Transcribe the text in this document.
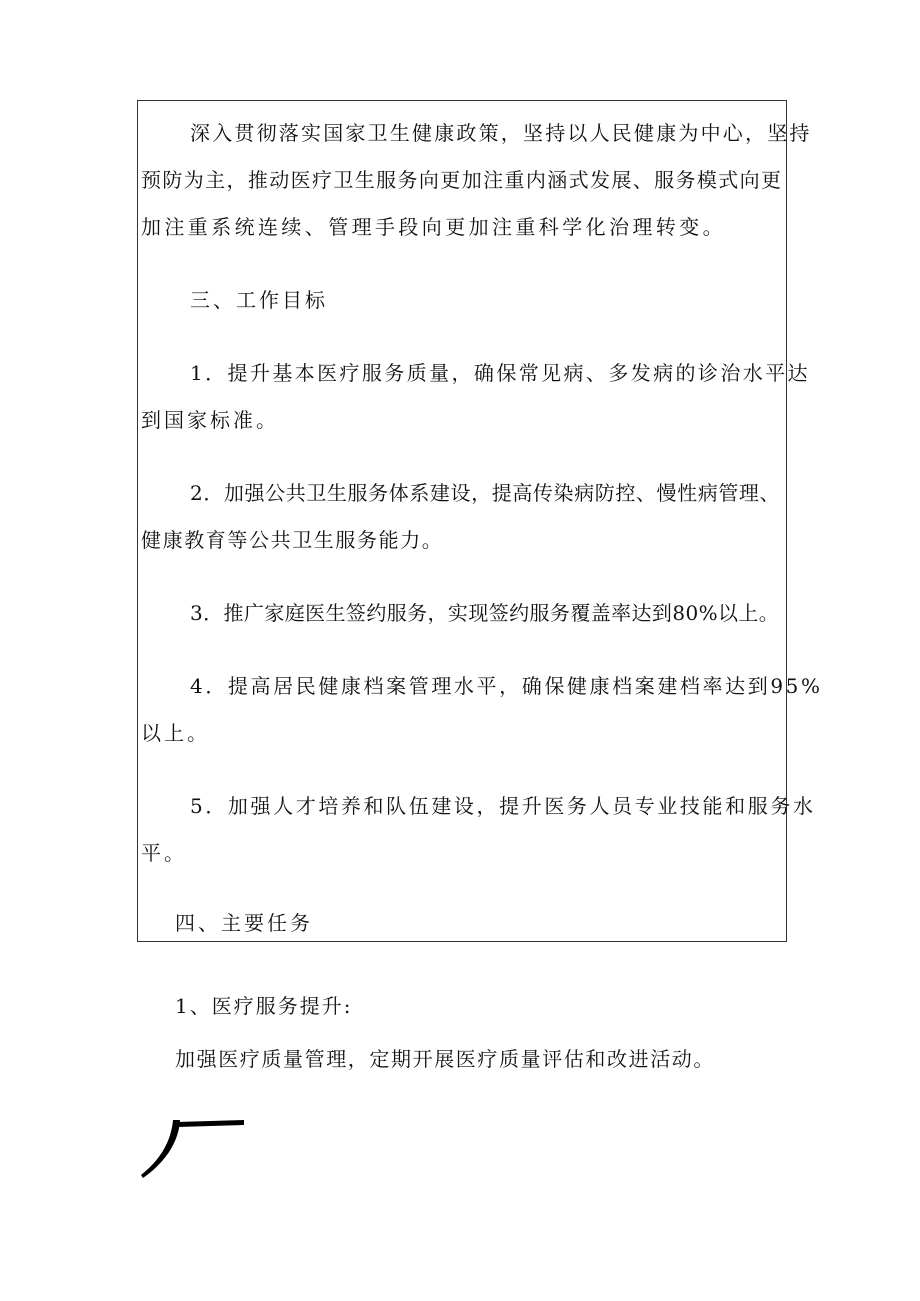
深入贯彻落实国家卫生健康政策，坚持以人民健康为中心，坚持
预防为主，推动医疗卫生服务向更加注重内涵式发展、服务模式向更
加注重系统连续、管理手段向更加注重科学化治理转变。
三、工作目标
1．提升基本医疗服务质量，确保常见病、多发病的诊治水平达
到国家标准。
2．加强公共卫生服务体系建设，提高传染病防控、慢性病管理、
健康教育等公共卫生服务能力。
3．推广家庭医生签约服务，实现签约服务覆盖率达到80%以上。
4．提高居民健康档案管理水平，确保健康档案建档率达到95%
以上。
5．加强人才培养和队伍建设，提升医务人员专业技能和服务水
平。
四、主要任务
1、医疗服务提升:
加强医疗质量管理，定期开展医疗质量评估和改进活动。
